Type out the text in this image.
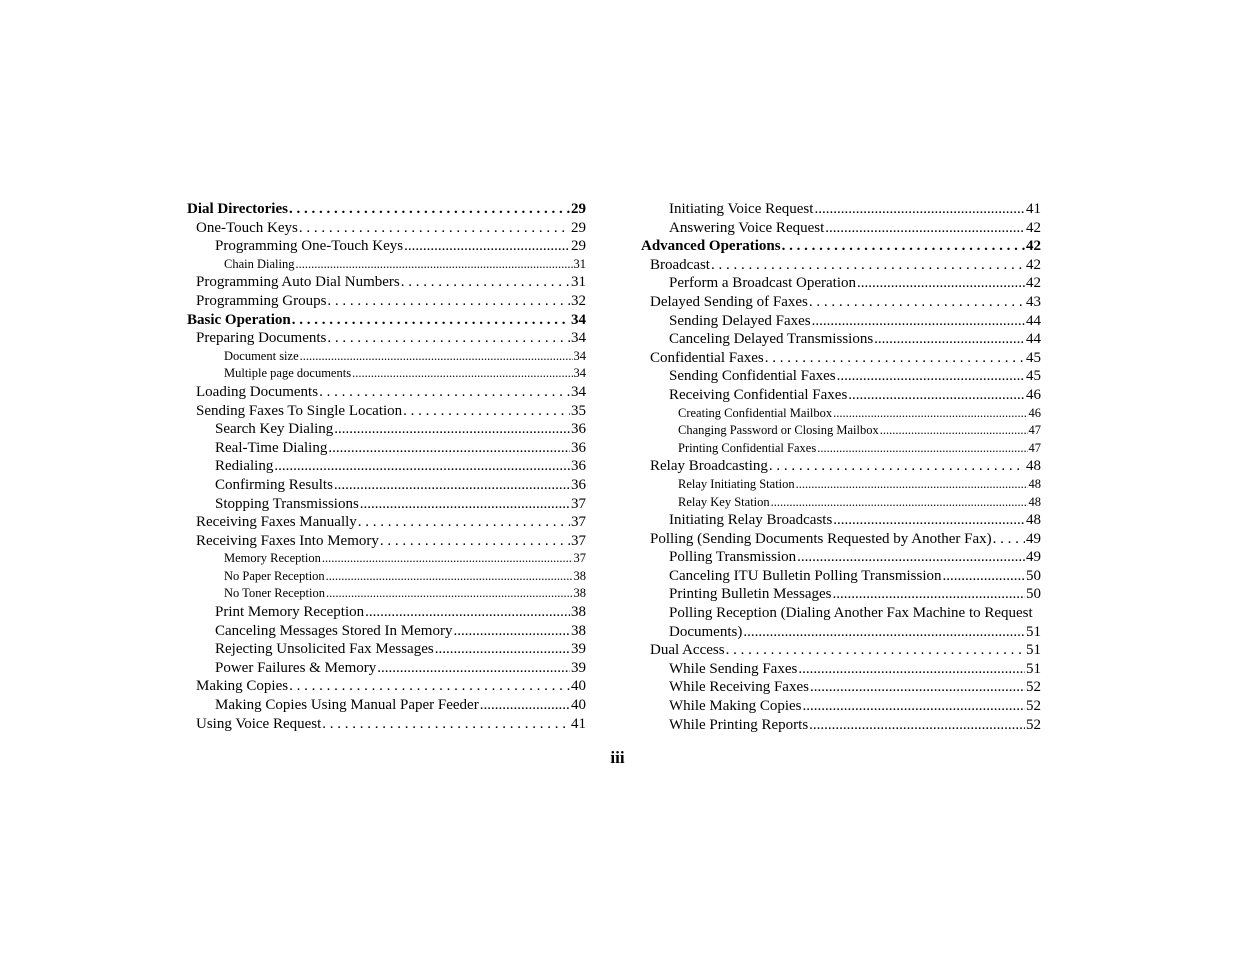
Dial Directories . . .	29
One-Touch Keys . . .	29
Programming One-Touch Keys .....	29
Chain Dialing .....	31
Programming Auto Dial Numbers . . .	31
Programming Groups . . .	32
Basic Operation . . .	34
Preparing Documents . . .	34
Document size .....	34
Multiple page documents .....	34
Loading Documents . . .	34
Sending Faxes To Single Location . . .	35
Search Key Dialing .....	36
Real-Time Dialing .....	36
Redialing .....	36
Confirming Results .....	36
Stopping Transmissions .....	37
Receiving Faxes Manually . . .	37
Receiving Faxes Into Memory . . .	37
Memory Reception .....	37
No Paper Reception .....	38
No Toner Reception .....	38
Print Memory Reception .....	38
Canceling Messages Stored In Memory .....	38
Rejecting Unsolicited Fax Messages .....	39
Power Failures & Memory .....	39
Making Copies . . .	40
Making Copies Using Manual Paper Feeder .....	40
Using Voice Request . . .	41
Initiating Voice Request .....	41
Answering Voice Request .....	42
Advanced Operations . . .	42
Broadcast . . .	42
Perform a Broadcast Operation .....	42
Delayed Sending of Faxes . . .	43
Sending Delayed Faxes .....	44
Canceling Delayed Transmissions .....	44
Confidential Faxes . . .	45
Sending Confidential Faxes .....	45
Receiving Confidential Faxes .....	46
Creating Confidential Mailbox .....	46
Changing Password or Closing Mailbox .....	47
Printing Confidential Faxes .....	47
Relay Broadcasting . . .	48
Relay Initiating Station .....	48
Relay Key Station .....	48
Initiating Relay Broadcasts .....	48
Polling (Sending Documents Requested by Another Fax) . . . 49
Polling Transmission .....	49
Canceling ITU Bulletin Polling Transmission .....	50
Printing Bulletin Messages .....	50
Polling Reception (Dialing Another Fax Machine to Request
Documents) .....	51
Dual Access . . .	51
While Sending Faxes .....	51
While Receiving Faxes .....	52
While Making Copies .....	52
While Printing Reports .....	52
iii
